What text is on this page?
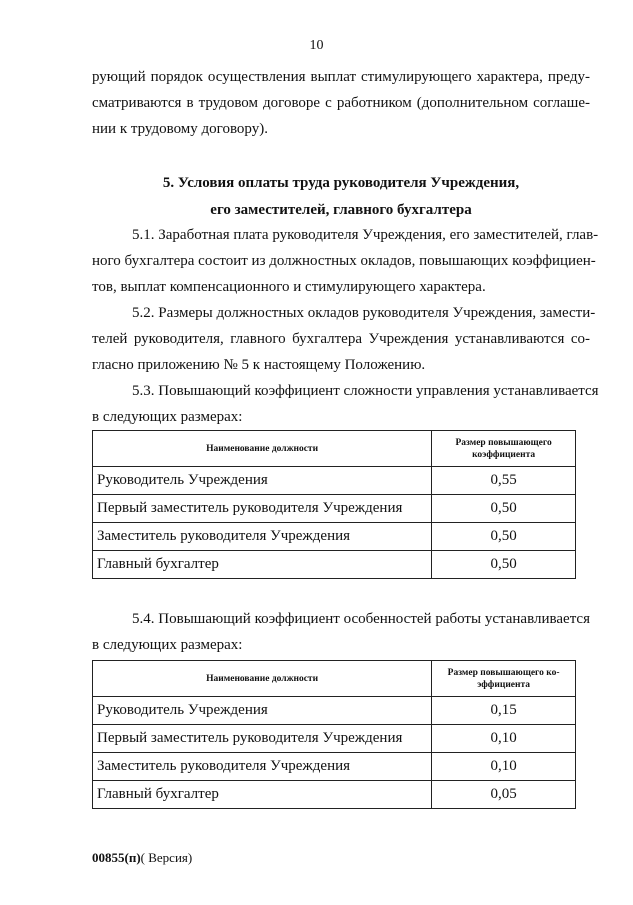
10

рующий порядок осуществления выплат стимулирующего характера, преду-
сматриваются в трудовом договоре с работником (дополнительном соглаше-
нии к трудовому договору).

5. Условия оплаты труда руководителя Учреждения,
его заместителей, главного бухгалтера

5.1. Заработная плата руководителя Учреждения, его заместителей, глав-
ного бухгалтера состоит из должностных окладов, повышающих коэффициен-
тов, выплат компенсационного и стимулирующего характера.

5.2. Размеры должностных окладов руководителя Учреждения, замести-
телей руководителя, главного бухгалтера Учреждения устанавливаются со-
гласно приложению № 5 к настоящему Положению.

5.3. Повышающий коэффициент сложности управления устанавливается
в следующих размерах:

Наименование должности	Размер повышающего коэффициента
Руководитель Учреждения	0,55
Первый заместитель руководителя Учреждения	0,50
Заместитель руководителя Учреждения	0,50
Главный бухгалтер	0,50

5.4. Повышающий коэффициент особенностей работы устанавливается
в следующих размерах:

Наименование должности	Размер повышающего ко-эффициента
Руководитель Учреждения	0,15
Первый заместитель руководителя Учреждения	0,10
Заместитель руководителя Учреждения	0,10
Главный бухгалтер	0,05
00855(п)( Версия)
